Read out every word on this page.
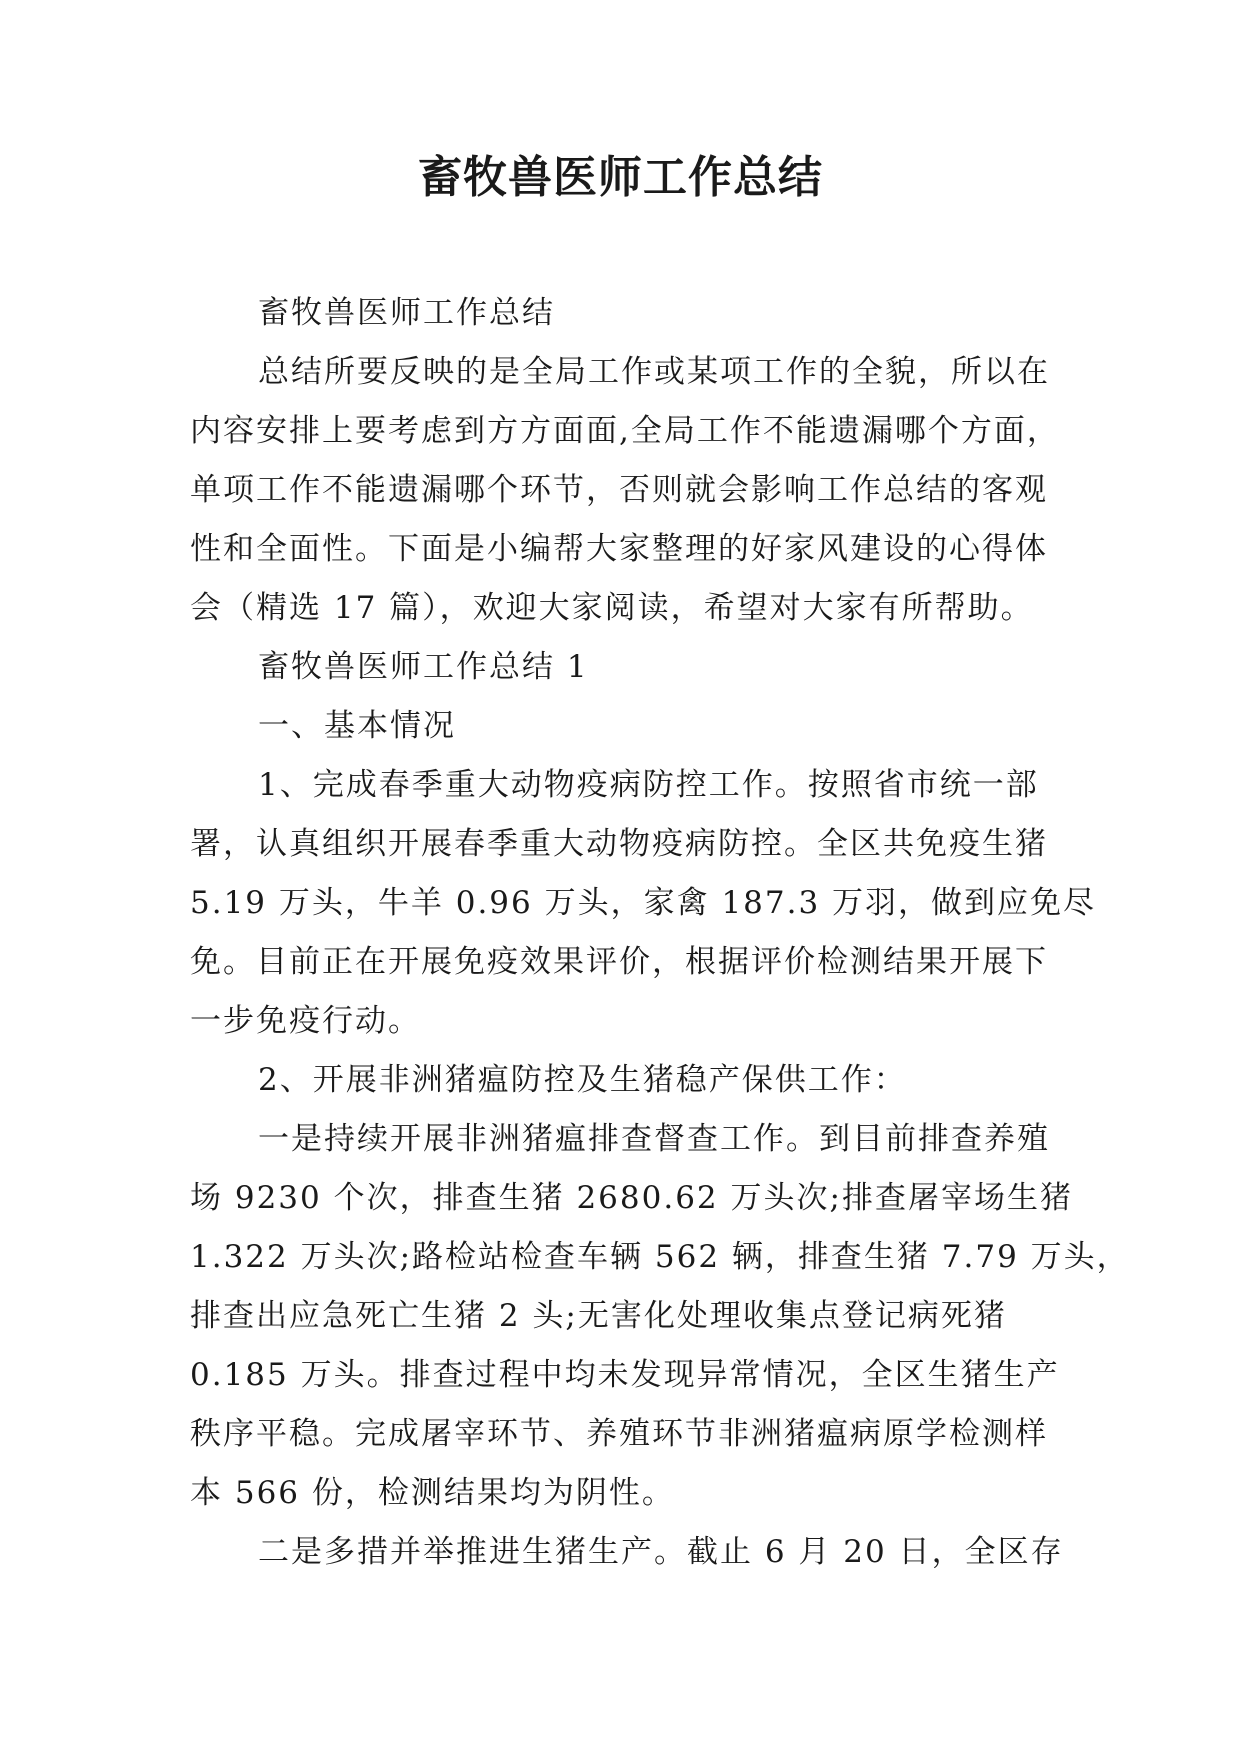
畜牧兽医师工作总结
畜牧兽医师工作总结
总结所要反映的是全局工作或某项工作的全貌，所以在
内容安排上要考虑到方方面面,全局工作不能遗漏哪个方面，
单项工作不能遗漏哪个环节，否则就会影响工作总结的客观
性和全面性。下面是小编帮大家整理的好家风建设的心得体
会（精选 17 篇），欢迎大家阅读，希望对大家有所帮助。
畜牧兽医师工作总结 1
一、基本情况
1、完成春季重大动物疫病防控工作。按照省市统一部
署，认真组织开展春季重大动物疫病防控。全区共免疫生猪
5.19 万头，牛羊 0.96 万头，家禽 187.3 万羽，做到应免尽
免。目前正在开展免疫效果评价，根据评价检测结果开展下
一步免疫行动。
2、开展非洲猪瘟防控及生猪稳产保供工作：
一是持续开展非洲猪瘟排查督查工作。到目前排查养殖
场 9230 个次，排查生猪 2680.62 万头次;排查屠宰场生猪
1.322 万头次;路检站检查车辆 562 辆，排查生猪 7.79 万头，
排查出应急死亡生猪 2 头;无害化处理收集点登记病死猪
0.185 万头。排查过程中均未发现异常情况，全区生猪生产
秩序平稳。完成屠宰环节、养殖环节非洲猪瘟病原学检测样
本 566 份，检测结果均为阴性。
二是多措并举推进生猪生产。截止 6 月 20 日，全区存
